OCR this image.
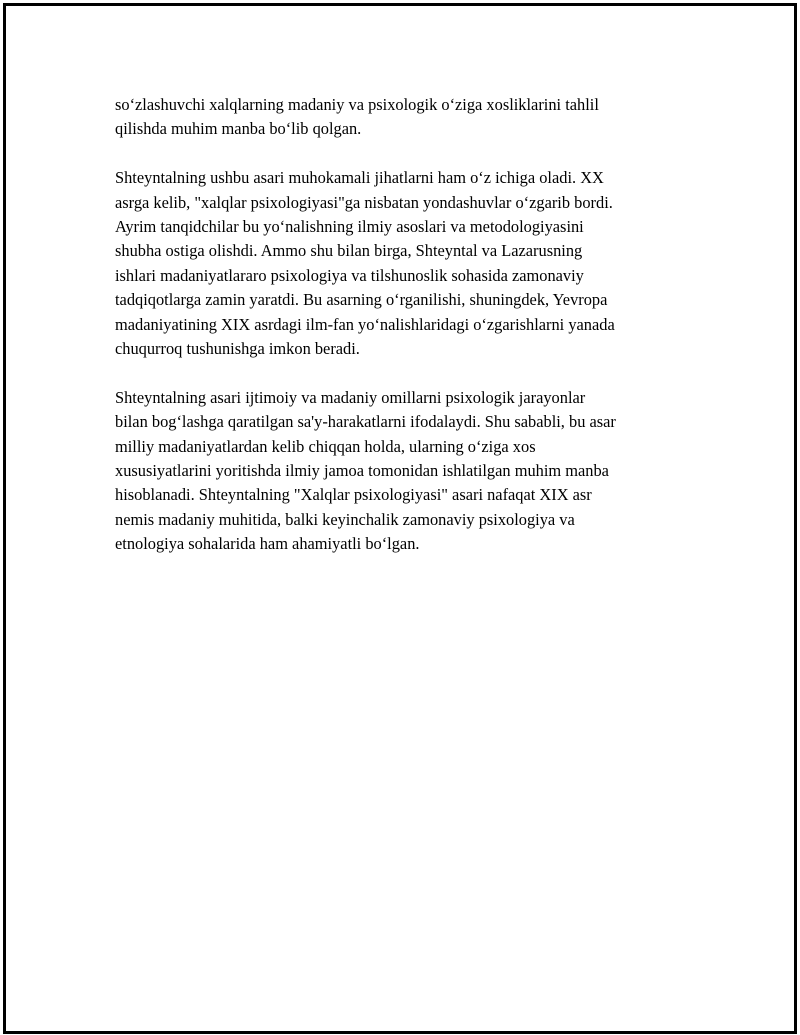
so‘zlashuvchi xalqlarning madaniy va psixologik o‘ziga xosliklarini tahlil
qilishda muhim manba bo‘lib qolgan.

Shteyntalning ushbu asari muhokamali jihatlarni ham o‘z ichiga oladi. XX
asrga kelib, "xalqlar psixologiyasi"ga nisbatan yondashuvlar o‘zgarib bordi.
Ayrim tanqidchilar bu yo‘nalishning ilmiy asoslari va metodologiyasini
shubha ostiga olishdi. Ammo shu bilan birga, Shteyntal va Lazarusning
ishlari madaniyatlararo psixologiya va tilshunoslik sohasida zamonaviy
tadqiqotlarga zamin yaratdi. Bu asarning o‘rganilishi, shuningdek, Yevropa
madaniyatining XIX asrdagi ilm-fan yo‘nalishlaridagi o‘zgarishlarni yanada
chuqurroq tushunishga imkon beradi.

Shteyntalning asari ijtimoiy va madaniy omillarni psixologik jarayonlar
bilan bog‘lashga qaratilgan sa'y-harakatlarni ifodalaydi. Shu sababli, bu asar
milliy madaniyatlardan kelib chiqqan holda, ularning o‘ziga xos
xususiyatlarini yoritishda ilmiy jamoa tomonidan ishlatilgan muhim manba
hisoblanadi. Shteyntalning "Xalqlar psixologiyasi" asari nafaqat XIX asr
nemis madaniy muhitida, balki keyinchalik zamonaviy psixologiya va
etnologiya sohalarida ham ahamiyatli bo‘lgan.
